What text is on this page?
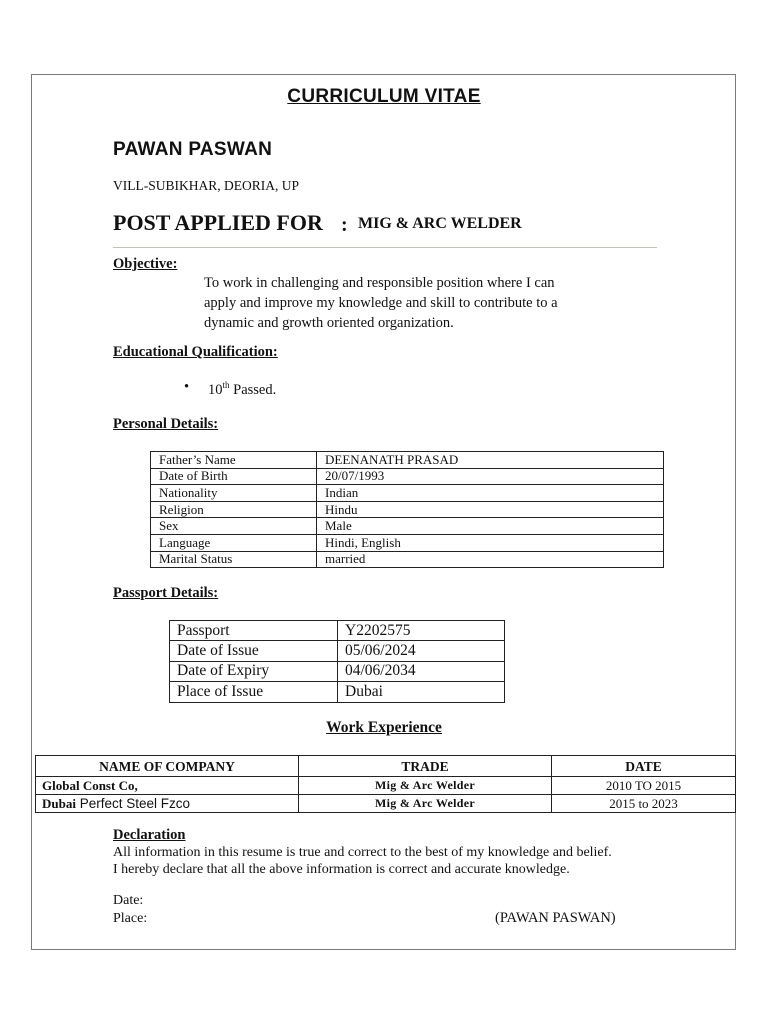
CURRICULUM VITAE
PAWAN PASWAN
VILL-SUBIKHAR, DEORIA, UP
POST APPLIED FOR : MIG & ARC WELDER
Objective:
To work in challenging and responsible position where I can
apply and improve my knowledge and skill to contribute to a
dynamic and growth oriented organization.
Educational Qualification:
• 10th Passed.
Personal Details:
Father’s Name	DEENANATH PRASAD
Date of Birth	20/07/1993
Nationality	Indian
Religion	Hindu
Sex	Male
Language	Hindi, English
Marital Status	married
Passport Details:
Passport	Y2202575
Date of Issue	05/06/2024
Date of Expiry	04/06/2034
Place of Issue	Dubai
Work Experience
NAME OF COMPANY	TRADE	DATE
Global Const Co,	Mig & Arc Welder	2010 TO 2015
Dubai Perfect Steel Fzco	Mig & Arc Welder	2015 to 2023
Declaration
All information in this resume is true and correct to the best of my knowledge and belief.
I hereby declare that all the above information is correct and accurate knowledge.
Date:
Place:	(PAWAN PASWAN)
